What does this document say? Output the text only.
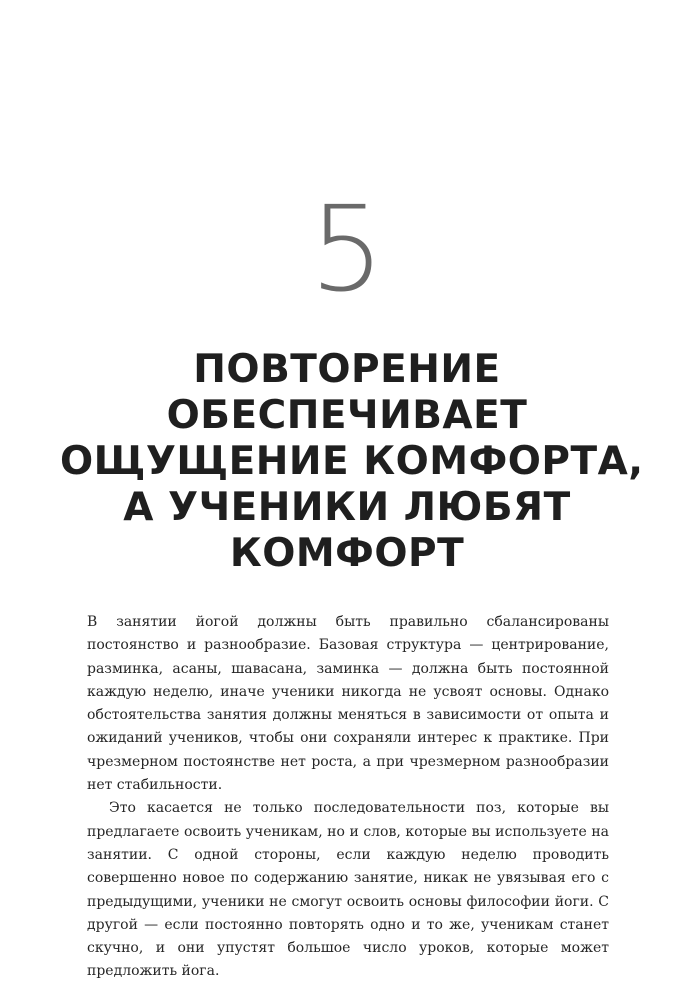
5
ПОВТОРЕНИЕ
ОБЕСПЕЧИВАЕТ
ОЩУЩЕНИЕ КОМФОРТА,
А УЧЕНИКИ ЛЮБЯТ
КОМФОРТ

В занятии йогой должны быть правильно сбалансированы постоянство и разнообразие. Базовая структура — центрирование, разминка, асаны, шавасана, заминка — должна быть постоянной каждую неделю, иначе ученики никогда не усвоят основы. Однако обстоятельства занятия должны меняться в зависимости от опыта и ожиданий учеников, чтобы они сохраняли интерес к практике. При чрезмерном постоянстве нет роста, а при чрезмерном разнообразии нет стабильности.

Это касается не только последовательности поз, которые вы предлагаете освоить ученикам, но и слов, которые вы используете на занятии. С одной стороны, если каждую неделю проводить совершенно новое по содержанию занятие, никак не увязывая его с предыдущими, ученики не смогут освоить основы философии йоги. С другой — если постоянно повторять одно и то же, ученикам станет скучно, и они упустят большое число уроков, которые может предложить йога.
